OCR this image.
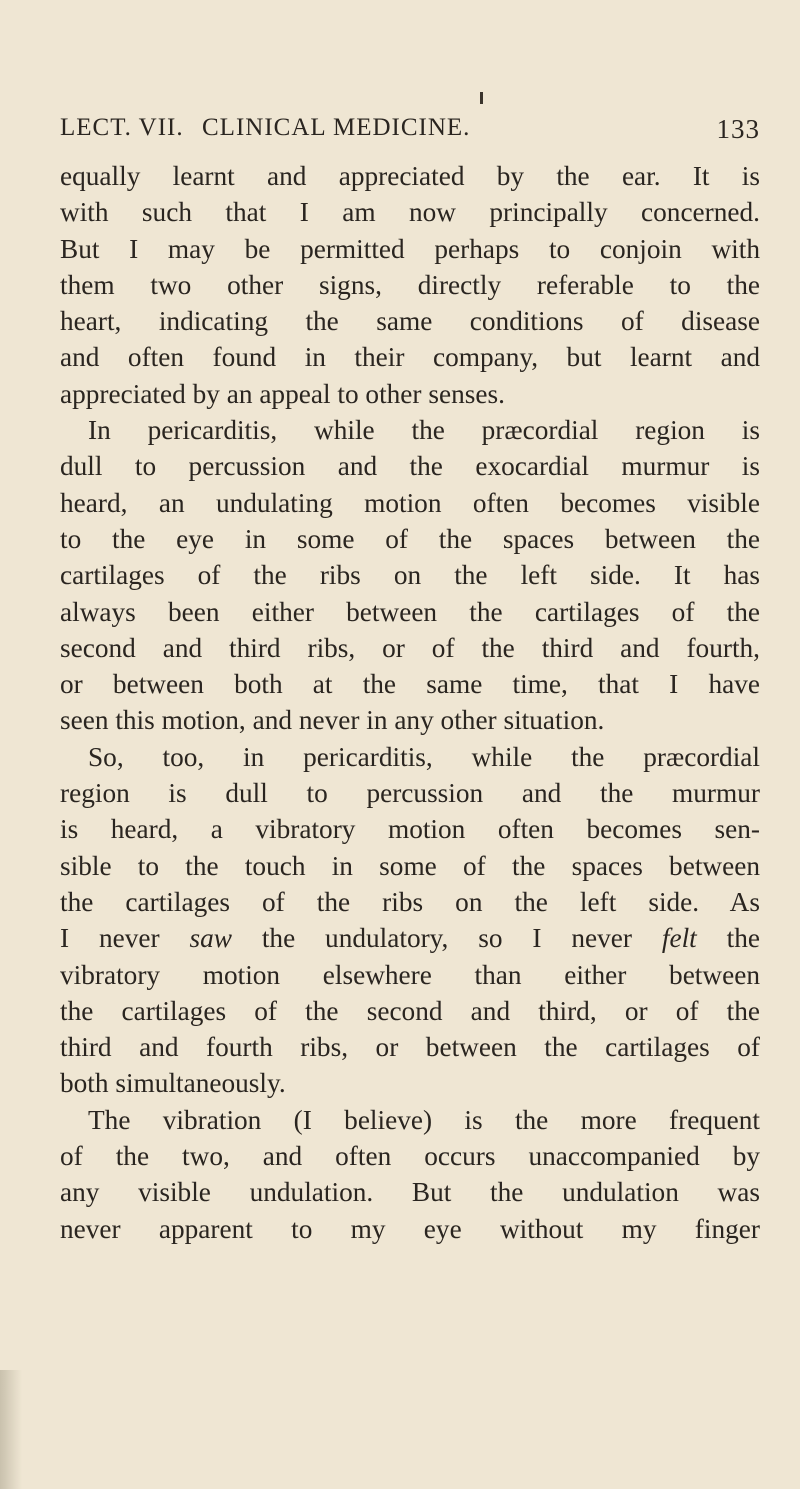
LECT. VII. CLINICAL MEDICINE.	133
equally learnt and appreciated by the ear. It is
with such that I am now principally concerned.
But I may be permitted perhaps to conjoin with
them two other signs, directly referable to the
heart, indicating the same conditions of disease
and often found in their company, but learnt and
appreciated by an appeal to other senses.
In pericarditis, while the præcordial region is
dull to percussion and the exocardial murmur is
heard, an undulating motion often becomes visible
to the eye in some of the spaces between the
cartilages of the ribs on the left side. It has
always been either between the cartilages of the
second and third ribs, or of the third and fourth,
or between both at the same time, that I have
seen this motion, and never in any other situation.
So, too, in pericarditis, while the præcordial
region is dull to percussion and the murmur
is heard, a vibratory motion often becomes sen-
sible to the touch in some of the spaces between
the cartilages of the ribs on the left side. As
I never saw the undulatory, so I never felt the
vibratory motion elsewhere than either between
the cartilages of the second and third, or of the
third and fourth ribs, or between the cartilages of
both simultaneously.
The vibration (I believe) is the more frequent
of the two, and often occurs unaccompanied by
any visible undulation. But the undulation was
never apparent to my eye without my finger
